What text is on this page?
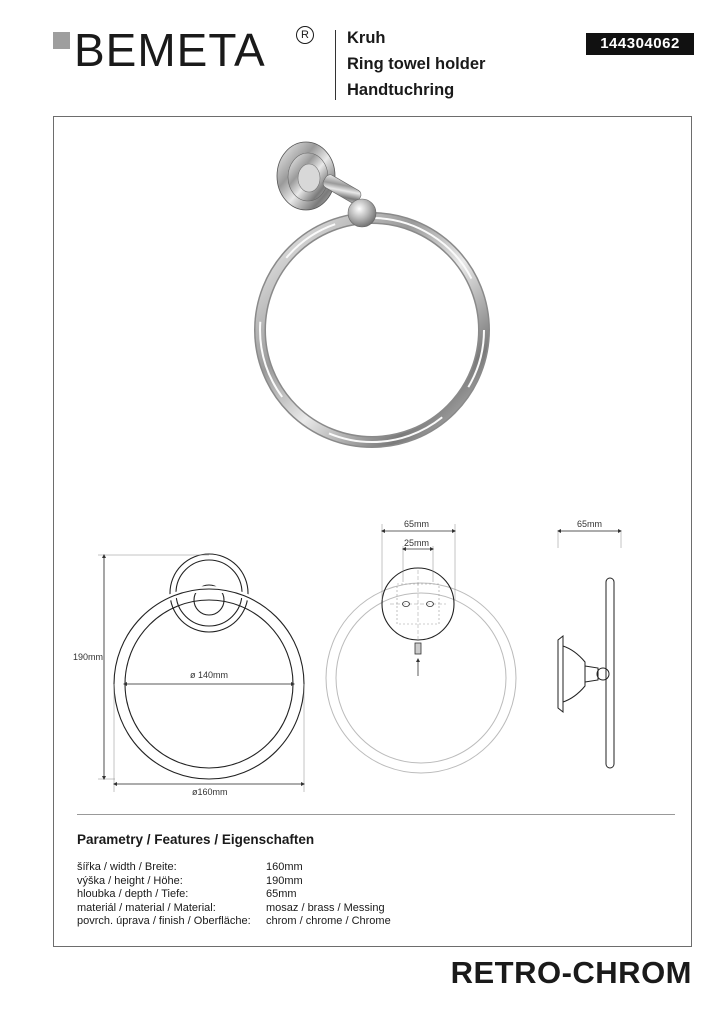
BEMETA	R	Kruh
Ring towel holder
Handtuchring
144304062
190mm
ø 140mm
ø160mm
65mm
25mm
65mm
Parametry / Features / Eigenschaften
šířka / width / Breite:
výška / height / Höhe:
hloubka / depth / Tiefe:
materiál / material / Material:
povrch. úprava / finish / Oberfläche:
160mm
190mm
65mm
mosaz / brass / Messing
chrom / chrome / Chrome
RETRO-CHROM
